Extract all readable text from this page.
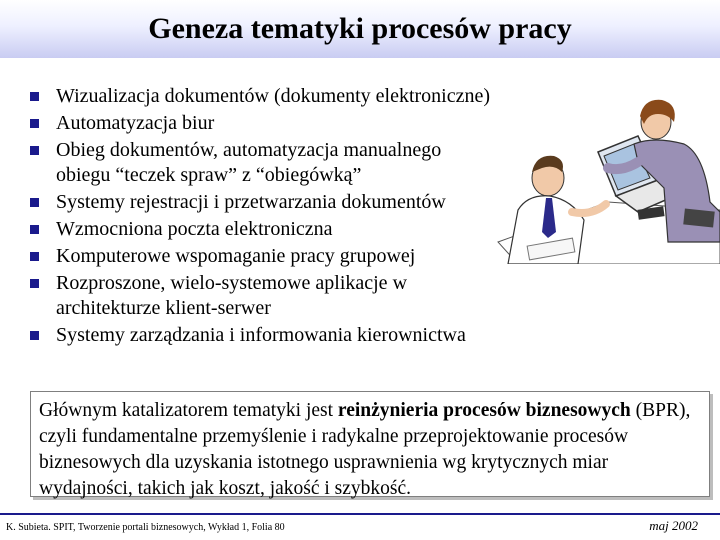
Geneza tematyki procesów pracy
Wizualizacja dokumentów (dokumenty elektroniczne)
Automatyzacja biur
Obieg dokumentów, automatyzacja manualnego obiegu “teczek spraw” z “obiegówką”
Systemy rejestracji i przetwarzania dokumentów
Wzmocniona poczta elektroniczna
Komputerowe wspomaganie pracy grupowej
Rozproszone, wielo-systemowe aplikacje w architekturze klient-serwer
Systemy zarządzania i informowania kierownictwa
Głównym katalizatorem tematyki jest reinżynieria procesów biznesowych (BPR), czyli fundamentalne przemyślenie i radykalne przeprojektowanie procesów biznesowych dla uzyskania istotnego usprawnienia wg krytycznych miar wydajności, takich jak koszt, jakość i szybkość.
K. Subieta. SPIT, Tworzenie portali biznesowych, Wykład 1, Folia 80	maj 2002
